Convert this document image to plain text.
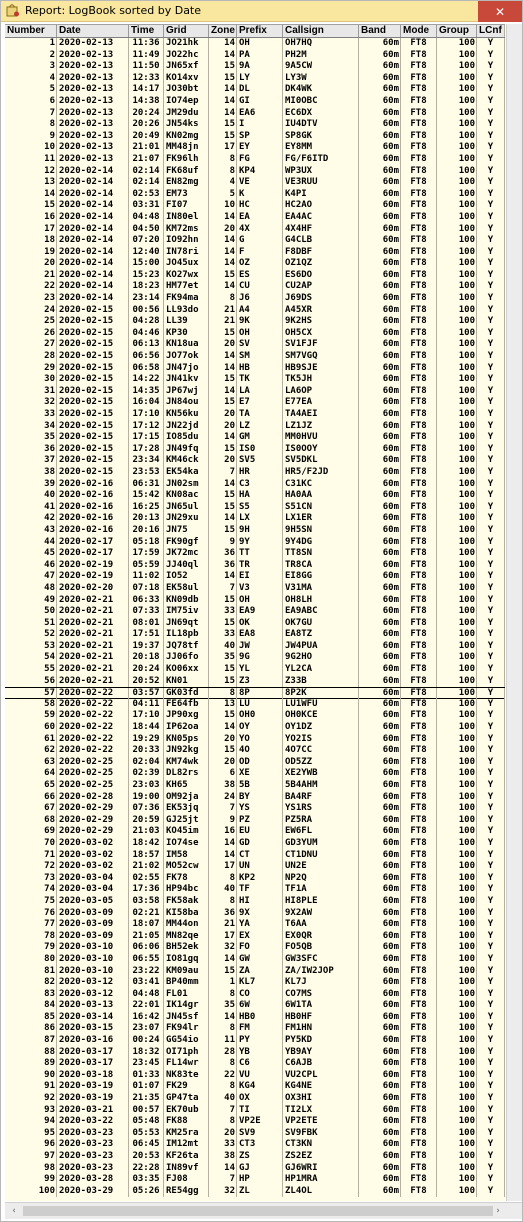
Report: LogBook sorted by Date	✕
Number	Date	Time	Grid	Zone Prefix	Callsign	Band	Mode Group	LCnf
1 2020-02-13	11:36 JO21hk	14 OH	OH7HQ	60m	FT8	100	Y
2 2020-02-13	11:49 JO22hc	14 PA	PH2M	60m	FT8	100	Y
3 2020-02-13	11:50 JN65xf	15 9A	9A5CW	60m	FT8	100	Y
4 2020-02-13	12:33 KO14xv	15 LY	LY3W	60m	FT8	100	Y
5 2020-02-13	14:17 JO30bt	14 DL	DK4WK	60m	FT8	100	Y
6 2020-02-13	14:38 IO74ep	14 GI	MI0OBC	60m	FT8	100	Y
7 2020-02-13	20:24 JM29du	14 EA6	EC6DX	60m	FT8	100	Y
8 2020-02-13	20:26 JN54ks	15 I	IU4DTV	60m	FT8	100	Y
9 2020-02-13	20:49 KN02mg	15 SP	SP8GK	60m	FT8	100	Y
10 2020-02-13	21:01 MM48jn	17 EY	EY8MM	60m	FT8	100	Y
11 2020-02-13	21:07 FK96lh	8 FG	FG/F6ITD	60m	FT8	100	Y
12 2020-02-14	02:14 FK68uf	8 KP4	WP3UX	60m	FT8	100	Y
13 2020-02-14	02:14 EN82mg	4 VE	VE3RUU	60m	FT8	100	Y
14 2020-02-14	02:53 EM73	5 K	K4PI	60m	FT8	100	Y
15 2020-02-14	03:31 FI07	10 HC	HC2AO	60m	FT8	100	Y
16 2020-02-14	04:48 IN80el	14 EA	EA4AC	60m	FT8	100	Y
17 2020-02-14	04:50 KM72ms	20 4X	4X4HF	60m	FT8	100	Y
18 2020-02-14	07:20 IO92hn	14 G	G4CLB	60m	FT8	100	Y
19 2020-02-14	12:40 IN78ri	14 F	F8DBF	60m	FT8	100	Y
20 2020-02-14	15:00 JO45ux	14 OZ	OZ1QZ	60m	FT8	100	Y
21 2020-02-14	15:23 KO27wx	15 ES	ES6DO	60m	FT8	100	Y
22 2020-02-14	18:23 HM77et	14 CU	CU2AP	60m	FT8	100	Y
23 2020-02-14	23:14 FK94ma	8 J6	J69DS	60m	FT8	100	Y
24 2020-02-15	00:56 LL93do	21 A4	A45XR	60m	FT8	100	Y
25 2020-02-15	04:28 LL39	21 9K	9K2HS	60m	FT8	100	Y
26 2020-02-15	04:46 KP30	15 OH	OH5CX	60m	FT8	100	Y
27 2020-02-15	06:13 KN18ua	20 SV	SV1FJF	60m	FT8	100	Y
28 2020-02-15	06:56 JO77ok	14 SM	SM7VGQ	60m	FT8	100	Y
29 2020-02-15	06:58 JN47jo	14 HB	HB9SJE	60m	FT8	100	Y
30 2020-02-15	14:22 JN41kv	15 TK	TK5JH	60m	FT8	100	Y
31 2020-02-15	14:35 JP67wj	14 LA	LA6OP	60m	FT8	100	Y
32 2020-02-15	16:04 JN84ou	15 E7	E77EA	60m	FT8	100	Y
33 2020-02-15	17:10 KN56ku	20 TA	TA4AEI	60m	FT8	100	Y
34 2020-02-15	17:12 JN22jd	20 LZ	LZ1JZ	60m	FT8	100	Y
35 2020-02-15	17:15 IO85du	14 GM	MM0HVU	60m	FT8	100	Y
36 2020-02-15	17:28 JN49fq	15 IS0	IS0OOY	60m	FT8	100	Y
37 2020-02-15	23:34 KM46ck	20 SV5	SV5DKL	60m	FT8	100	Y
38 2020-02-15	23:53 EK54ka	7 HR	HR5/F2JD	60m	FT8	100	Y
39 2020-02-16	06:31 JN02sm	14 C3	C31KC	60m	FT8	100	Y
40 2020-02-16	15:42 KN08ac	15 HA	HA0AA	60m	FT8	100	Y
41 2020-02-16	16:25 JN65ul	15 S5	S51CN	60m	FT8	100	Y
42 2020-02-16	20:13 JN29xu	14 LX	LX1ER	60m	FT8	100	Y
43 2020-02-16	20:16 JN75	15 9H	9H5SN	60m	FT8	100	Y
44 2020-02-17	05:18 FK90gf	9 9Y	9Y4DG	60m	FT8	100	Y
45 2020-02-17	17:59 JK72mc	36 TT	TT8SN	60m	FT8	100	Y
46 2020-02-19	05:59 JJ40ql	36 TR	TR8CA	60m	FT8	100	Y
47 2020-02-19	11:02 IO52	14 EI	EI8GG	60m	FT8	100	Y
48 2020-02-20	07:18 EK58ul	7 V3	V31MA	60m	FT8	100	Y
49 2020-02-21	06:33 KN09db	15 OH	OH8LH	60m	FT8	100	Y
50 2020-02-21	07:33 IM75iv	33 EA9	EA9ABC	60m	FT8	100	Y
51 2020-02-21	08:01 JN69qt	15 OK	OK7GU	60m	FT8	100	Y
52 2020-02-21	17:51 IL18pb	33 EA8	EA8TZ	60m	FT8	100	Y
53 2020-02-21	19:37 JQ78tf	40 JW	JW4PUA	60m	FT8	100	Y
54 2020-02-21	20:18 JJ06fo	35 9G	9G2HO	60m	FT8	100	Y
55 2020-02-21	20:24 KO06xx	15 YL	YL2CA	60m	FT8	100	Y
56 2020-02-21	20:52 KN01	15 Z3	Z33B	60m	FT8	100	Y
57 2020-02-22	03:57 GK03fd	8 8P	8P2K	60m	FT8	100	Y
58 2020-02-22	04:11 FE64fb	13 LU	LU1WFU	60m	FT8	100	Y
59 2020-02-22	17:10 JP90xg	15 OH0	OH0KCE	60m	FT8	100	Y
60 2020-02-22	18:44 IP62oa	14 OY	OY1DZ	60m	FT8	100	Y
61 2020-02-22	19:29 KN05ps	20 YO	YO2IS	60m	FT8	100	Y
62 2020-02-22	20:33 JN92kg	15 4O	4O7CC	60m	FT8	100	Y
63 2020-02-25	02:04 KM74wk	20 OD	OD5ZZ	60m	FT8	100	Y
64 2020-02-25	02:39 DL82rs	6 XE	XE2YWB	60m	FT8	100	Y
65 2020-02-25	23:03 KH65	38 5B	5B4AHM	60m	FT8	100	Y
66 2020-02-28	19:00 OM92ja	24 BY	BA4RF	60m	FT8	100	Y
67 2020-02-29	07:36 EK53jq	7 YS	YS1RS	60m	FT8	100	Y
68 2020-02-29	20:59 GJ25jt	9 PZ	PZ5RA	60m	FT8	100	Y
69 2020-02-29	21:03 KO45im	16 EU	EW6FL	60m	FT8	100	Y
70 2020-03-02	18:42 IO74se	14 GD	GD3YUM	60m	FT8	100	Y
71 2020-03-02	18:57 IM58	14 CT	CT1DNU	60m	FT8	100	Y
72 2020-03-02	21:02 MO52cw	17 UN	UN2E	60m	FT8	100	Y
73 2020-03-04	02:55 FK78	8 KP2	NP2Q	60m	FT8	100	Y
74 2020-03-04	17:36 HP94bc	40 TF	TF1A	60m	FT8	100	Y
75 2020-03-05	03:58 FK58ak	8 HI	HI8PLE	60m	FT8	100	Y
76 2020-03-09	02:21 KI58ba	36 9X	9X2AW	60m	FT8	100	Y
77 2020-03-09	18:07 MM44on	21 YA	T6AA	60m	FT8	100	Y
78 2020-03-09	21:05 MN82qe	17 EX	EX0QR	60m	FT8	100	Y
79 2020-03-10	06:06 BH52ek	32 FO	FO5QB	60m	FT8	100	Y
80 2020-03-10	06:55 IO81gq	14 GW	GW3SFC	60m	FT8	100	Y
81 2020-03-10	23:22 KM09au	15 ZA	ZA/IW2JOP	60m	FT8	100	Y
82 2020-03-12	03:41 BP40mm	1 KL7	KL7J	60m	FT8	100	Y
83 2020-03-12	04:48 FL01	8 CO	CO7MS	60m	FT8	100	Y
84 2020-03-13	22:01 IK14gr	35 6W	6W1TA	60m	FT8	100	Y
85 2020-03-14	16:42 JN45sf	14 HB0	HB0HF	60m	FT8	100	Y
86 2020-03-15	23:07 FK94lr	8 FM	FM1HN	60m	FT8	100	Y
87 2020-03-16	00:24 GG54io	11 PY	PY5KD	60m	FT8	100	Y
88 2020-03-17	18:32 OI71ph	28 YB	YB9AY	60m	FT8	100	Y
89 2020-03-17	23:45 FL14wr	8 C6	C6AJB	60m	FT8	100	Y
90 2020-03-18	01:33 NK83te	22 VU	VU2CPL	60m	FT8	100	Y
91 2020-03-19	01:07 FK29	8 KG4	KG4NE	60m	FT8	100	Y
92 2020-03-19	21:35 GP47ta	40 OX	OX3HI	60m	FT8	100	Y
93 2020-03-21	00:57 EK70ub	7 TI	TI2LX	60m	FT8	100	Y
94 2020-03-22	05:48 FK88	8 VP2E	VP2ETE	60m	FT8	100	Y
95 2020-03-23	05:53 KM25ra	20 SV9	SV9FBK	60m	FT8	100	Y
96 2020-03-23	06:45 IM12mt	33 CT3	CT3KN	60m	FT8	100	Y
97 2020-03-23	20:53 KF26ta	38 ZS	ZS2EZ	60m	FT8	100	Y
98 2020-03-23	22:28 IN89vf	14 GJ	GJ6WRI	60m	FT8	100	Y
99 2020-03-28	03:35 FJ08	7 HP	HP1MRA	60m	FT8	100	Y
100 2020-03-29	05:26 RE54gg	32 ZL	ZL4OL	60m	FT8	100	Y
‹	›
